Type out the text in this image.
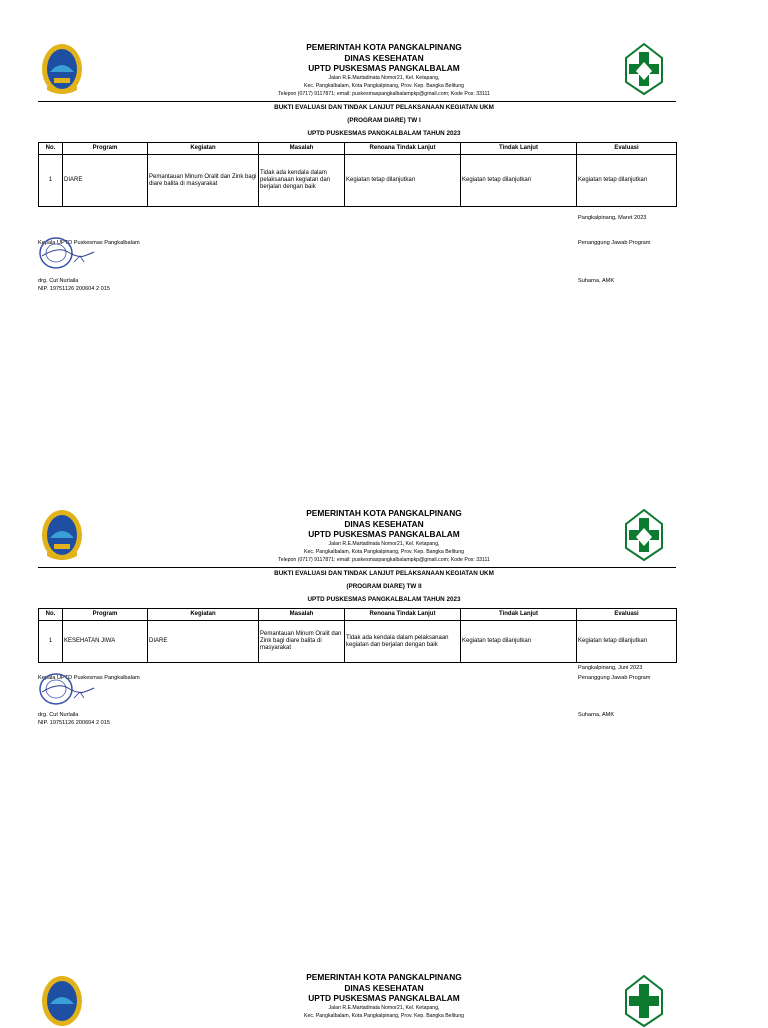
PEMERINTAH KOTA PANGKALPINANG
DINAS KESEHATAN
UPTD PUSKESMAS PANGKALBALAM
Jalan R.E.Martadinata Nomor21, Kel. Ketapang,
Kec. Pangkalbalam, Kota Pangkalpinang, Prov. Kep. Bangka Belitung
Telepon (0717) 9117871; email: puskesmaspangkalbalampkp@gmail.com; Kode Pos: 33111
BUKTI EVALUASI DAN TINDAK LANJUT PELAKSANAAN KEGIATAN UKM
(PROGRAM DIARE) TW I
UPTD PUSKESMAS PANGKALBALAM TAHUN 2023
No.	Program	Kegiatan	Masalah	Renoana Tindak Lanjut	Tindak Lanjut	Evaluasi
1	DIARE	Pemantauan Minum Oralit dan Zink bagi diare balita di masyarakat	Tidak ada kendala dalam pelaksanaan kegiatan dan berjalan dengan baik	Kegiatan tetap dilanjutkan	Kegiatan tetap dilanjutkan	Kegiatan tetap dilanjutkan
Pangkalpinang, Maret 2023
Kepala UPTD Puskesmas Pangkalbalam	Penanggung Jawab Program
drg. Cut Nurlaila	Suharna, AMK
NIP. 19751126 200604 2 015
PEMERINTAH KOTA PANGKALPINANG
DINAS KESEHATAN
UPTD PUSKESMAS PANGKALBALAM
Jalan R.E.Martadinata Nomor21, Kel. Ketapang,
Kec. Pangkalbalam, Kota Pangkalpinang, Prov. Kep. Bangka Belitung
Telepon (0717) 9117871; email: puskesmaspangkalbalampkp@gmail.com; Kode Pos: 33111
BUKTI EVALUASI DAN TINDAK LANJUT PELAKSANAAN KEGIATAN UKM
(PROGRAM DIARE) TW II
UPTD PUSKESMAS PANGKALBALAM TAHUN 2023
No.	Program	Kegiatan	Masalah	Renoana Tindak Lanjut	Tindak Lanjut	Evaluasi
1	KESEHATAN JIWA	DIARE	Pemantauan Minum Oralit dan Zink bagi diare balita di masyarakat	Tidak ada kendala dalam pelaksanaan kegiatan dan berjalan dengan baik	Kegiatan tetap dilanjutkan	Kegiatan tetap dilanjutkan
Pangkalpinang, Juni 2023
Penanggung Jawab Program
Kepala UPTD Puskesmas Pangkalbalam
drg. Cut Nurlaila	Suharna, AMK
NIP. 19751126 200604 2 015
PEMERINTAH KOTA PANGKALPINANG
DINAS KESEHATAN
UPTD PUSKESMAS PANGKALBALAM
Jalan R.E.Martadinata Nomor21, Kel. Ketapang,
Kec. Pangkalbalam, Kota Pangkalpinang, Prov. Kep. Bangka Belitung
